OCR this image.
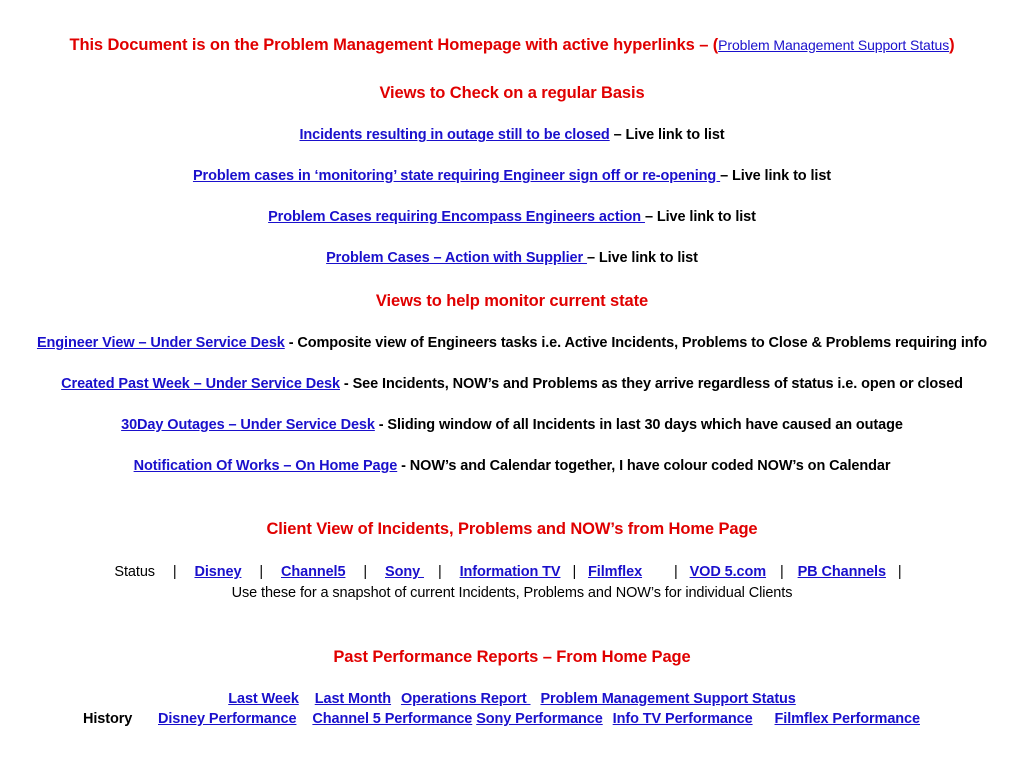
This Document is on the Problem Management Homepage with active hyperlinks – (Problem Management Support Status)
Views to Check on a regular Basis
Incidents resulting in outage still to be closed – Live link to list
Problem cases in ‘monitoring’ state requiring Engineer sign off or re-opening – Live link to list
Problem Cases requiring Encompass Engineers action – Live link to list
Problem Cases – Action with Supplier – Live link to list
Views to help monitor current state
Engineer View – Under Service Desk - Composite view of Engineers tasks i.e. Active Incidents, Problems to Close & Problems requiring info
Created Past Week – Under Service Desk - See Incidents, NOW’s and Problems as they arrive regardless of status i.e. open or closed
30Day Outages – Under Service Desk - Sliding window of all Incidents in last 30 days which have caused an outage
Notification Of Works – On Home Page - NOW’s and Calendar together, I have colour coded NOW’s on Calendar
Client View of Incidents, Problems and NOW’s from Home Page
Status | Disney | Channel5 | Sony | Information TV | Filmflex | VOD 5.com | PB Channels |
Use these for a snapshot of current Incidents, Problems and NOW’s for individual Clients
Past Performance Reports – From Home Page
Last Week Last Month Operations Report  Problem Management Support Status
History Disney Performance Channel 5 Performance Sony Performance Info TV Performance Filmflex Performance
